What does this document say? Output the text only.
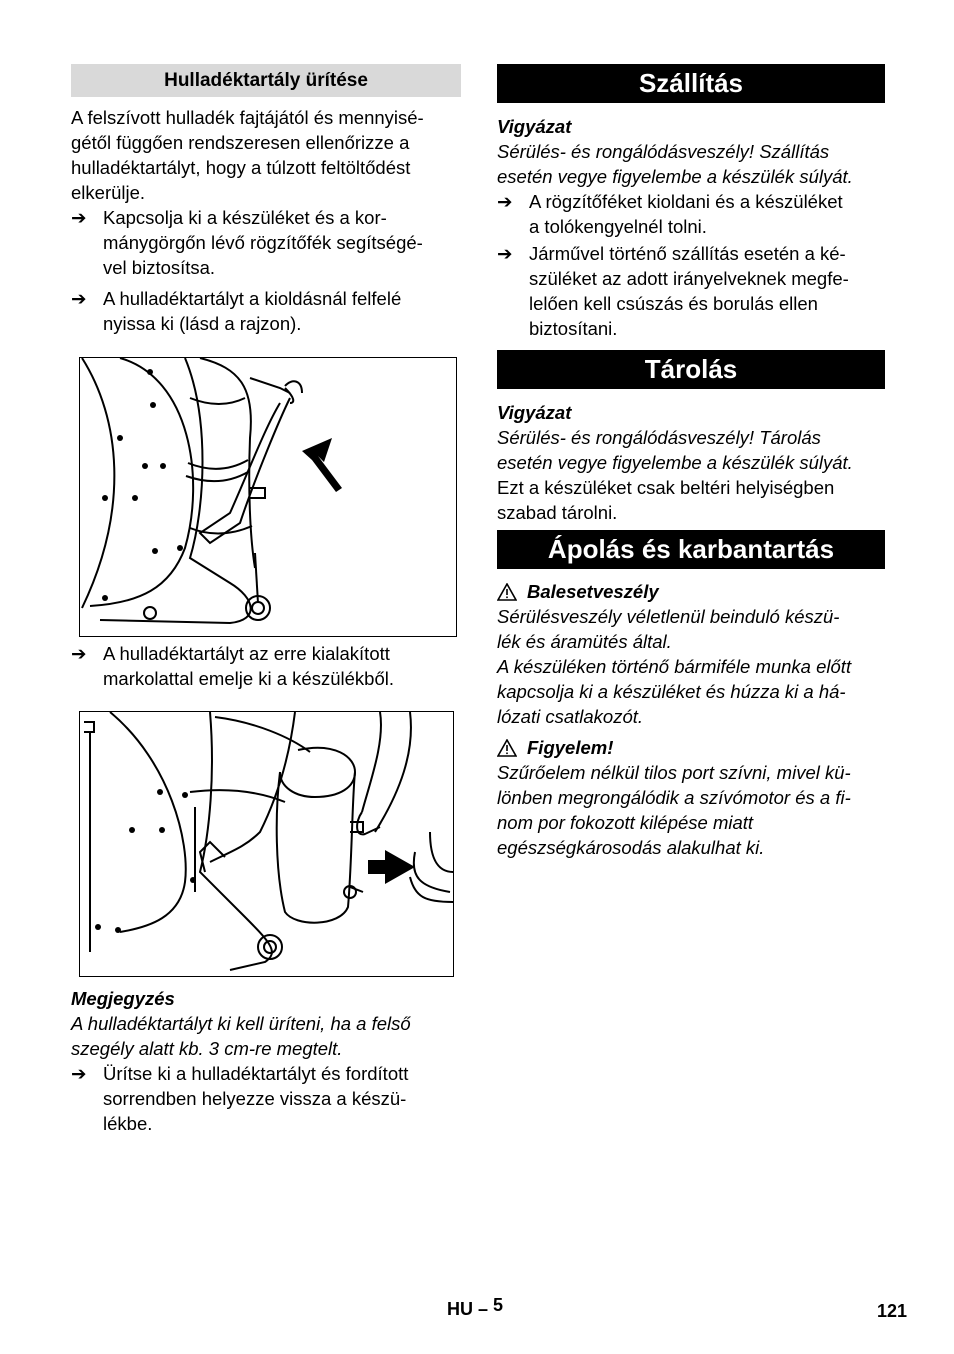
Hulladéktartály ürítése

A felszívott hulladék fajtájától és mennyisé-
gétől függően rendszeresen ellenőrizze a
hulladéktartályt, hogy a túlzott feltöltődést
elkerülje.

➔ Kapcsolja ki a készüléket és a kor-
mánygörgőn lévő rögzítőfék segítségé-
vel biztosítsa.
➔ A hulladéktartályt a kioldásnál felfelé
nyissa ki (lásd a rajzon).
➔ A hulladéktartályt az erre kialakított
markolattal emelje ki a készülékből.

Megjegyzés

A hulladéktartályt ki kell üríteni, ha a felső
szegély alatt kb. 3 cm-re megtelt.

➔ Ürítse ki a hulladéktartályt és fordított
sorrendben helyezze vissza a készü-
lékbe.
Szállítás

Vigyázat

Sérülés- és rongálódásveszély! Szállítás
esetén vegye figyelembe a készülék súlyát.

➔ A rögzítőféket kioldani és a készüléket
a tolókengyelnél tolni.
➔ Járművel történő szállítás esetén a ké-
szüléket az adott irányelveknek megfe-
lelően kell csúszás és borulás ellen
biztosítani.
Tárolás

Vigyázat

Sérülés- és rongálódásveszély! Tárolás
esetén vegye figyelembe a készülék súlyát.

Ezt a készüléket csak beltéri helyiségben
szabad tárolni.

Ápolás és karbantartás
Balesetveszély

Sérülésveszély véletlenül beinduló készü-
lék és áramütés által.
A készüléken történő bármiféle munka előtt
kapcsolja ki a készüléket és húzza ki a há-
lózati csatlakozót.

Figyelem!

Szűrőelem nélkül tilos port szívni, mivel kü-
lönben megrongálódik a szívómotor és a fi-
nom por fokozott kilépése miatt
egészségkárosodás alakulhat ki.

HU – 5	121
